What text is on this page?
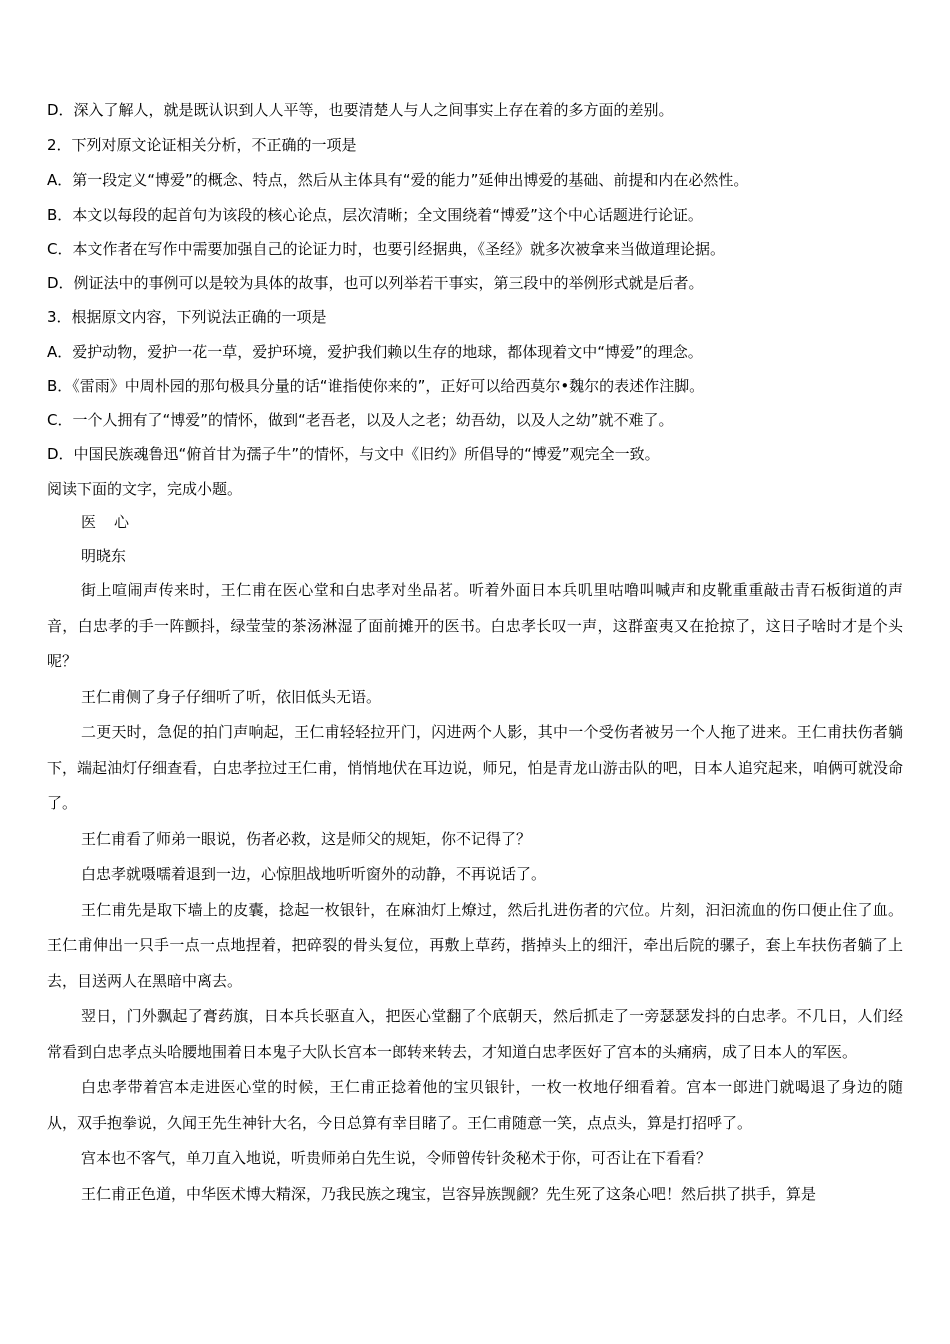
D．深入了解人，就是既认识到人人平等，也要清楚人与人之间事实上存在着的多方面的差别。
2．下列对原文论证相关分析，不正确的一项是
A．第一段定义“博爱”的概念、特点，然后从主体具有“爱的能力”延伸出博爱的基础、前提和内在必然性。
B．本文以每段的起首句为该段的核心论点，层次清晰；全文围绕着“博爱”这个中心话题进行论证。
C．本文作者在写作中需要加强自己的论证力时，也要引经据典，《圣经》就多次被拿来当做道理论据。
D．例证法中的事例可以是较为具体的故事，也可以列举若干事实，第三段中的举例形式就是后者。
3．根据原文内容，下列说法正确的一项是
A．爱护动物，爱护一花一草，爱护环境，爱护我们赖以生存的地球，都体现着文中“博爱”的理念。
B．《雷雨》中周朴园的那句极具分量的话“谁指使你来的”，正好可以给西莫尔•魏尔的表述作注脚。
C．一个人拥有了“博爱”的情怀，做到“老吾老，以及人之老；幼吾幼，以及人之幼”就不难了。
D．中国民族魂鲁迅“俯首甘为孺子牛”的情怀，与文中《旧约》所倡导的“博爱”观完全一致。
阅读下面的文字，完成小题。

医 心

明晓东

街上喧闹声传来时，王仁甫在医心堂和白忠孝对坐品茗。听着外面日本兵叽里咕噜叫喊声和皮靴重重敲击青石板街道的声音，白忠孝的手一阵颤抖，绿莹莹的茶汤淋湿了面前摊开的医书。白忠孝长叹一声，这群蛮夷又在抢掠了，这日子啥时才是个头呢？

王仁甫侧了身子仔细听了听，依旧低头无语。

二更天时，急促的拍门声响起，王仁甫轻轻拉开门，闪进两个人影，其中一个受伤者被另一个人拖了进来。王仁甫扶伤者躺下，端起油灯仔细查看，白忠孝拉过王仁甫，悄悄地伏在耳边说，师兄，怕是青龙山游击队的吧，日本人追究起来，咱俩可就没命了。

王仁甫看了师弟一眼说，伤者必救，这是师父的规矩，你不记得了？

白忠孝就嗫嚅着退到一边，心惊胆战地听听窗外的动静，不再说话了。

王仁甫先是取下墙上的皮囊，捻起一枚银针，在麻油灯上燎过，然后扎进伤者的穴位。片刻，汩汩流血的伤口便止住了血。王仁甫伸出一只手一点一点地捏着，把碎裂的骨头复位，再敷上草药，揩掉头上的细汗，牵出后院的骡子，套上车扶伤者躺了上去，目送两人在黑暗中离去。

翌日，门外飘起了膏药旗，日本兵长驱直入，把医心堂翻了个底朝天，然后抓走了一旁瑟瑟发抖的白忠孝。不几日，人们经常看到白忠孝点头哈腰地围着日本鬼子大队长宫本一郎转来转去，才知道白忠孝医好了宫本的头痛病，成了日本人的军医。

白忠孝带着宫本走进医心堂的时候，王仁甫正捻着他的宝贝银针，一枚一枚地仔细看着。宫本一郎进门就喝退了身边的随从，双手抱拳说，久闻王先生神针大名，今日总算有幸目睹了。王仁甫随意一笑，点点头，算是打招呼了。

宫本也不客气，单刀直入地说，听贵师弟白先生说，令师曾传针灸秘术于你，可否让在下看看？

王仁甫正色道，中华医术博大精深，乃我民族之瑰宝，岂容异族觊觎？先生死了这条心吧！然后拱了拱手，算是
